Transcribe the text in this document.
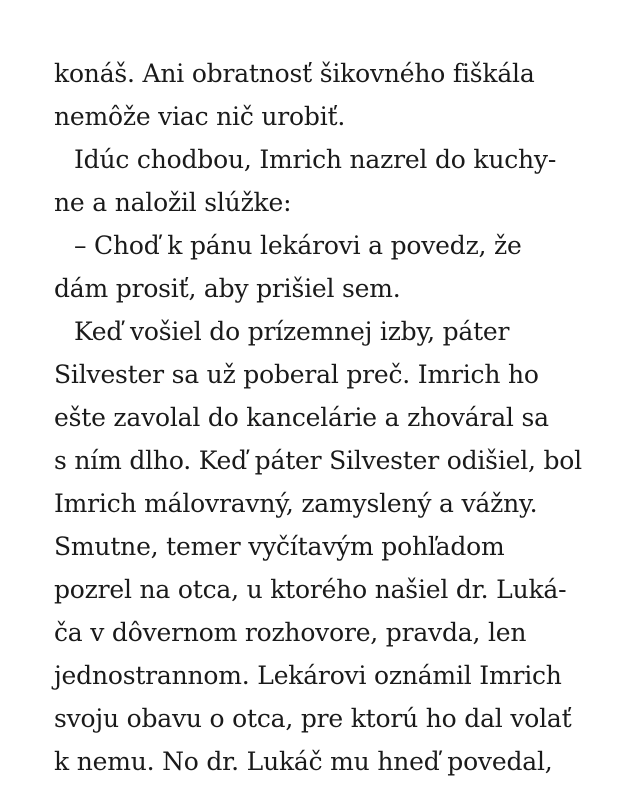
konáš. Ani obratnosť šikovného fiškála
nemôže viac nič urobiť.
Idúc chodbou, Imrich nazrel do kuchy-
ne a naložil slúžke:
– Choď k pánu lekárovi a povedz, že
dám prosiť, aby prišiel sem.
Keď vošiel do prízemnej izby, páter
Silvester sa už poberal preč. Imrich ho
ešte zavolal do kancelárie a zhováral sa
s ním dlho. Keď páter Silvester odišiel, bol
Imrich málovravný, zamyslený a vážny.
Smutne, temer vyčítavým pohľadom
pozrel na otca, u ktorého našiel dr. Luká-
ča v dôvernom rozhovore, pravda, len
jednostrannom. Lekárovi oznámil Imrich
svoju obavu o otca, pre ktorú ho dal volať
k nemu. No dr. Lukáč mu hneď povedal,
